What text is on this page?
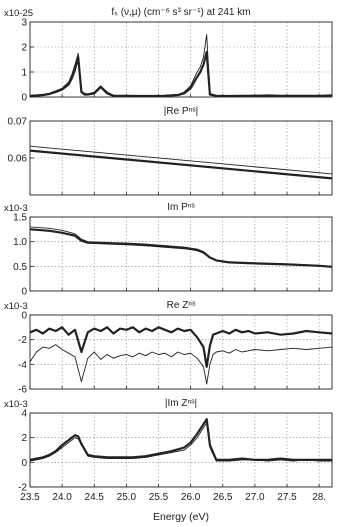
0
1
2
3
fₛ (ν,μ) (cm⁻⁶ s³ sr⁻¹) at 241 km
x10-25
0.06
0.07
|Re Pⁿˢ|
0
0.5
1.0
1.5
Im Pⁿˢ
x10-3
-6
-4
-2
0
Re Zⁿˢ
x10-3
-2
0
2
4
|Im Zⁿˢ|
x10-3
23.5 24.0 24.5 25.0 25.5 26.0 26.5 27.0 27.5 28.
Energy (eV)
